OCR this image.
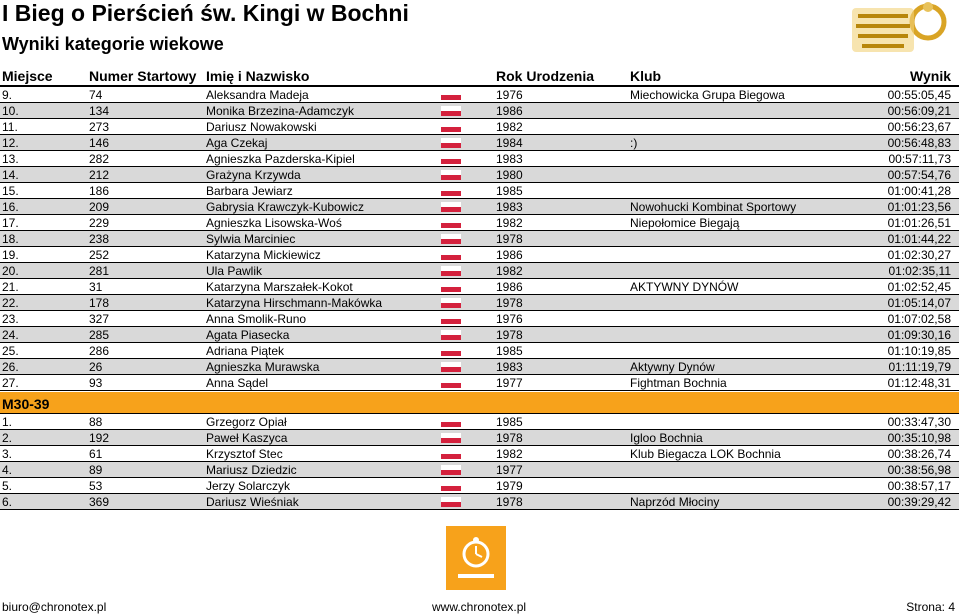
I Bieg o Pierścień św. Kingi w Bochni
Wyniki kategorie wiekowe
Miejsce	Numer Startowy Imię i Nazwisko	Rok Urodzenia	Klub	Wynik
9.	74	Aleksandra Madeja	1976	Miechowicka Grupa Biegowa	00:55:05,45
10.	134	Monika Brzezina-Adamczyk	1986	00:56:09,21
11.	273	Dariusz Nowakowski	1982	00:56:23,67
12.	146	Aga Czekaj	1984	:)	00:56:48,83
13.	282	Agnieszka Pazderska-Kipiel	1983	00:57:11,73
14.	212	Grażyna Krzywda	1980	00:57:54,76
15.	186	Barbara Jewiarz	1985	01:00:41,28
16.	209	Gabrysia Krawczyk-Kubowicz	1983	Nowohucki Kombinat Sportowy	01:01:23,56
17.	229	Agnieszka Lisowska-Woś	1982	Niepołomice Biegają	01:01:26,51
18.	238	Sylwia Marciniec	1978	01:01:44,22
19.	252	Katarzyna Mickiewicz	1986	01:02:30,27
20.	281	Ula Pawlik	1982	01:02:35,11
21.	31	Katarzyna Marszałek-Kokot	1986	AKTYWNY DYNÓW	01:02:52,45
22.	178	Katarzyna Hirschmann-Makówka	1978	01:05:14,07
23.	327	Anna Smolik-Runo	1976	01:07:02,58
24.	285	Agata Piasecka	1978	01:09:30,16
25.	286	Adriana Piątek	1985	01:10:19,85
26.	26	Agnieszka Murawska	1983	Aktywny Dynów	01:11:19,79
27.	93	Anna Sądel	1977	Fightman Bochnia	01:12:48,31
M30-39
1.	88	Grzegorz Opiał	1985	00:33:47,30
2.	192	Paweł Kaszyca	1978	Igloo Bochnia	00:35:10,98
3.	61	Krzysztof Stec	1982	Klub Biegacza LOK Bochnia	00:38:26,74
4.	89	Mariusz Dziedzic	1977	00:38:56,98
5.	53	Jerzy Solarczyk	1979	00:38:57,17
6.	369	Dariusz Wieśniak	1978	Naprzód Młociny	00:39:29,42
biuro@chronotex.pl	www.chronotex.pl	Strona: 4
